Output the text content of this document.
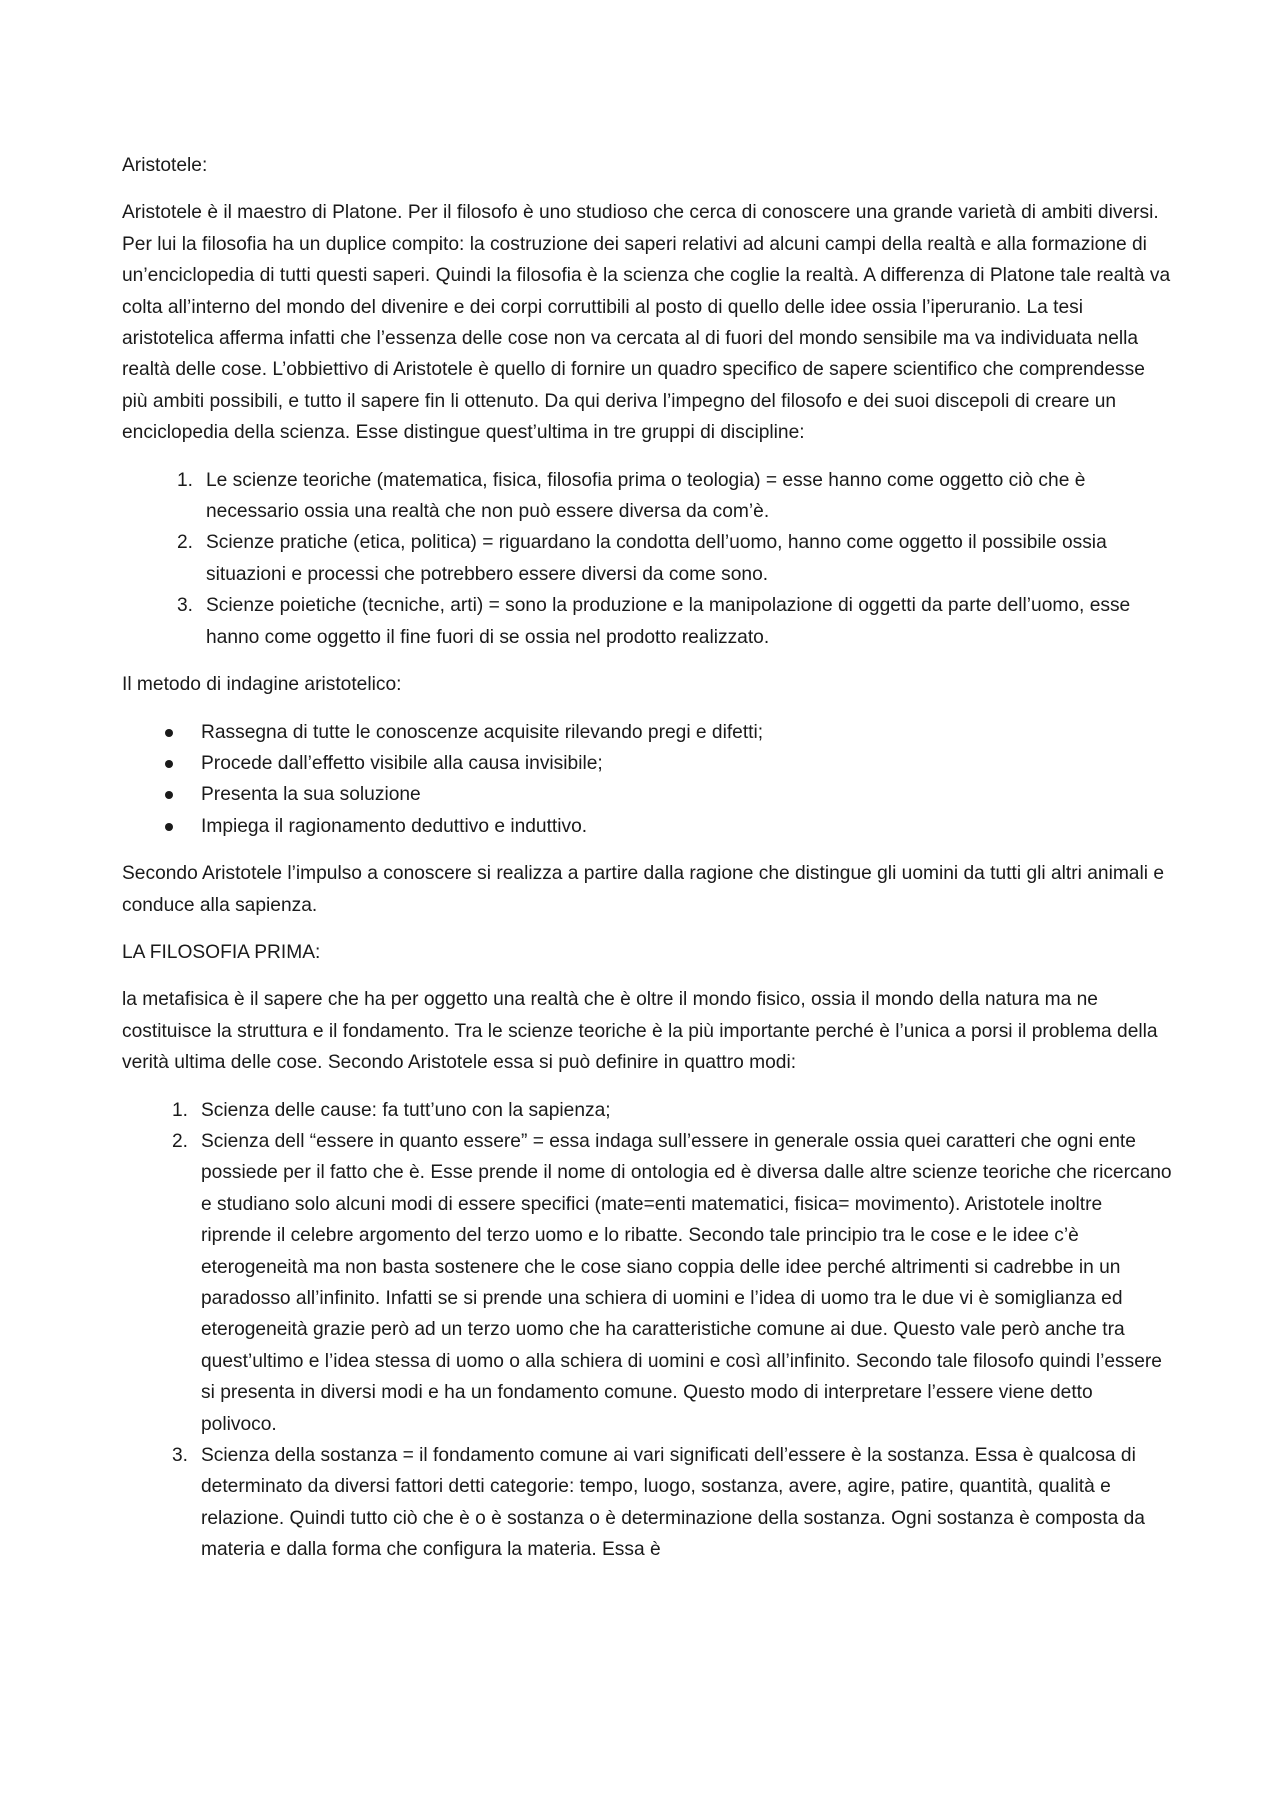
Aristotele:

Aristotele è il maestro di Platone. Per il filosofo è uno studioso che cerca di conoscere una grande varietà di ambiti diversi. Per lui la filosofia ha un duplice compito: la costruzione dei saperi relativi ad alcuni campi della realtà e alla formazione di un’enciclopedia di tutti questi saperi. Quindi la filosofia è la scienza che coglie la realtà. A differenza di Platone tale realtà va colta all’interno del mondo del divenire e dei corpi corruttibili al posto di quello delle idee ossia l’iperuranio. La tesi aristotelica afferma infatti che l’essenza delle cose non va cercata al di fuori del mondo sensibile ma va individuata nella realtà delle cose. L’obbiettivo di Aristotele è quello di fornire un quadro specifico de sapere scientifico che comprendesse più ambiti possibili, e tutto il sapere fin li ottenuto. Da qui deriva l’impegno del filosofo e dei suoi discepoli di creare un enciclopedia della scienza. Esse distingue quest’ultima in tre gruppi di discipline:

1. Le scienze teoriche (matematica, fisica, filosofia prima o teologia) = esse hanno come oggetto ciò che è necessario ossia una realtà che non può essere diversa da com’è.
2. Scienze pratiche (etica, politica) = riguardano la condotta dell’uomo, hanno come oggetto il possibile ossia situazioni e processi che potrebbero essere diversi da come sono.
3. Scienze poietiche (tecniche, arti) = sono la produzione e la manipolazione di oggetti da parte dell’uomo, esse hanno come oggetto il fine fuori di se ossia nel prodotto realizzato.

Il metodo di indagine aristotelico:

Rassegna di tutte le conoscenze acquisite rilevando pregi e difetti;
Procede dall’effetto visibile alla causa invisibile;
Presenta la sua soluzione
Impiega il ragionamento deduttivo e induttivo.

Secondo Aristotele l’impulso a conoscere si realizza a partire dalla ragione che distingue gli uomini da tutti gli altri animali e conduce alla sapienza.

LA FILOSOFIA PRIMA:

la metafisica è il sapere che ha per oggetto una realtà che è oltre il mondo fisico, ossia il mondo della natura ma ne costituisce la struttura e il fondamento. Tra le scienze teoriche è la più importante perché è l’unica a porsi il problema della verità ultima delle cose. Secondo Aristotele essa si può definire in quattro modi:

1. Scienza delle cause: fa tutt’uno con la sapienza;
2. Scienza dell “essere in quanto essere” = essa indaga sull’essere in generale ossia quei caratteri che ogni ente possiede per il fatto che è. Esse prende il nome di ontologia ed è diversa dalle altre scienze teoriche che ricercano e studiano solo alcuni modi di essere specifici (mate=enti matematici, fisica= movimento). Aristotele inoltre riprende il celebre argomento del terzo uomo e lo ribatte. Secondo tale principio tra le cose e le idee c’è eterogeneità ma non basta sostenere che le cose siano coppia delle idee perché altrimenti si cadrebbe in un paradosso all’infinito. Infatti se si prende una schiera di uomini e l’idea di uomo tra le due vi è somiglianza ed eterogeneità grazie però ad un terzo uomo che ha caratteristiche comune ai due. Questo vale però anche tra quest’ultimo e l’idea stessa di uomo o alla schiera di uomini e così all’infinito. Secondo tale filosofo quindi l’essere si presenta in diversi modi e ha un fondamento comune. Questo modo di interpretare l’essere viene detto polivoco.
3. Scienza della sostanza = il fondamento comune ai vari significati dell’essere è la sostanza. Essa è qualcosa di determinato da diversi fattori detti categorie: tempo, luogo, sostanza, avere, agire, patire, quantità, qualità e relazione. Quindi tutto ciò che è o è sostanza o è determinazione della sostanza. Ogni sostanza è composta da materia e dalla forma che configura la materia. Essa è
